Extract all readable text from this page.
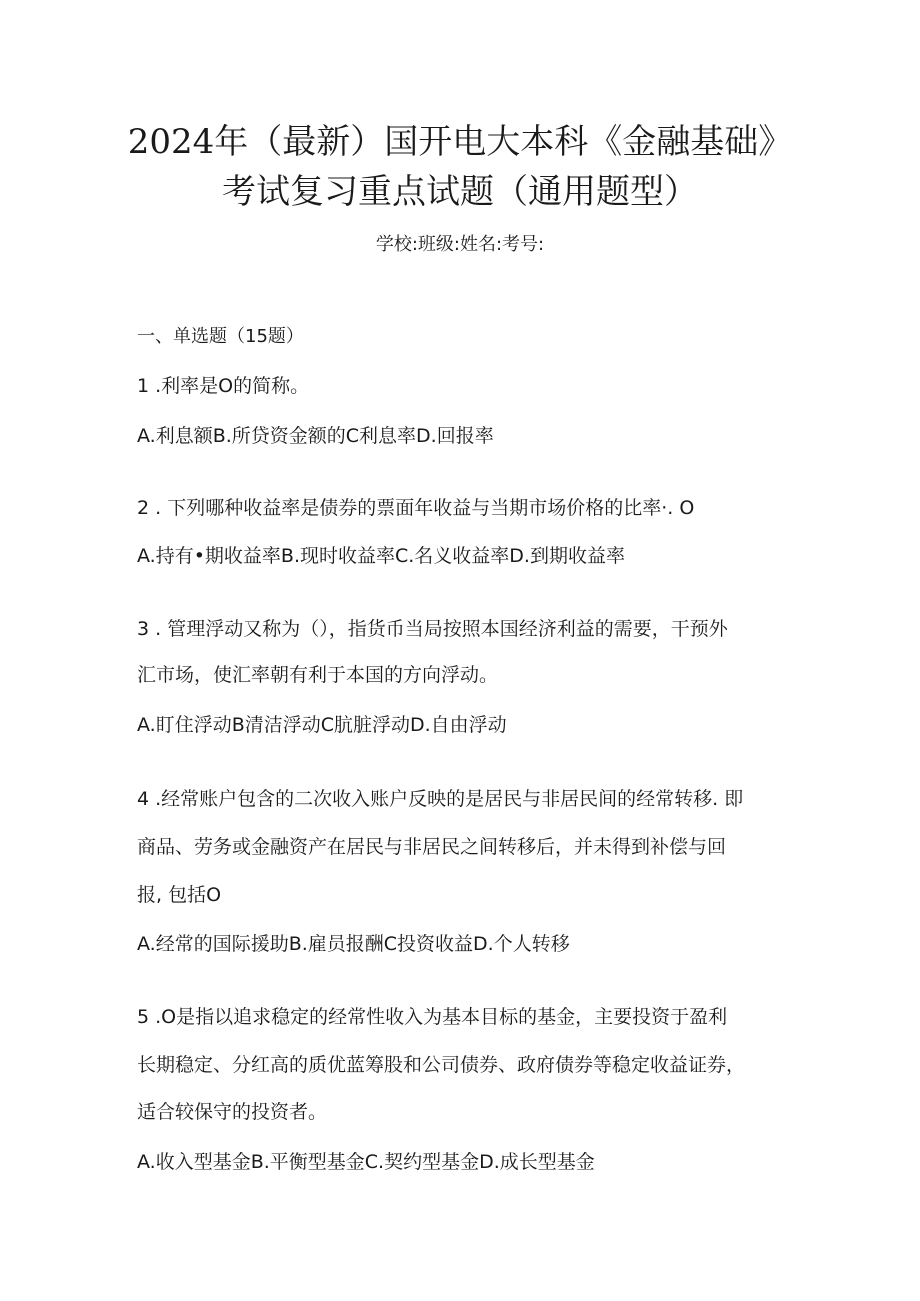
2024年（最新）国开电大本科《金融基础》
考试复习重点试题（通用题型）
学校:班级:姓名:考号:
一、单选题（15题）
1 .利率是O的简称。
A.利息额B.所贷资金额的C利息率D.回报率
2 . 下列哪种收益率是债券的票面年收益与当期市场价格的比率·. O
A.持有•期收益率B.现时收益率C.名义收益率D.到期收益率
3 . 管理浮动又称为（），指货币当局按照本国经济利益的需要，干预外
汇市场，使汇率朝有利于本国的方向浮动。
A.盯住浮动B清洁浮动C肮脏浮动D.自由浮动
4 .经常账户包含的二次收入账户反映的是居民与非居民间的经常转移. 即
商品、劳务或金融资产在居民与非居民之间转移后，并未得到补偿与回
报, 包括O
A.经常的国际援助B.雇员报酬C投资收益D.个人转移
5 .O是指以追求稳定的经常性收入为基本目标的基金，主要投资于盈利
长期稳定、分红高的质优蓝筹股和公司债券、政府债券等稳定收益证券，
适合较保守的投资者。
A.收入型基金B.平衡型基金C.契约型基金D.成长型基金
